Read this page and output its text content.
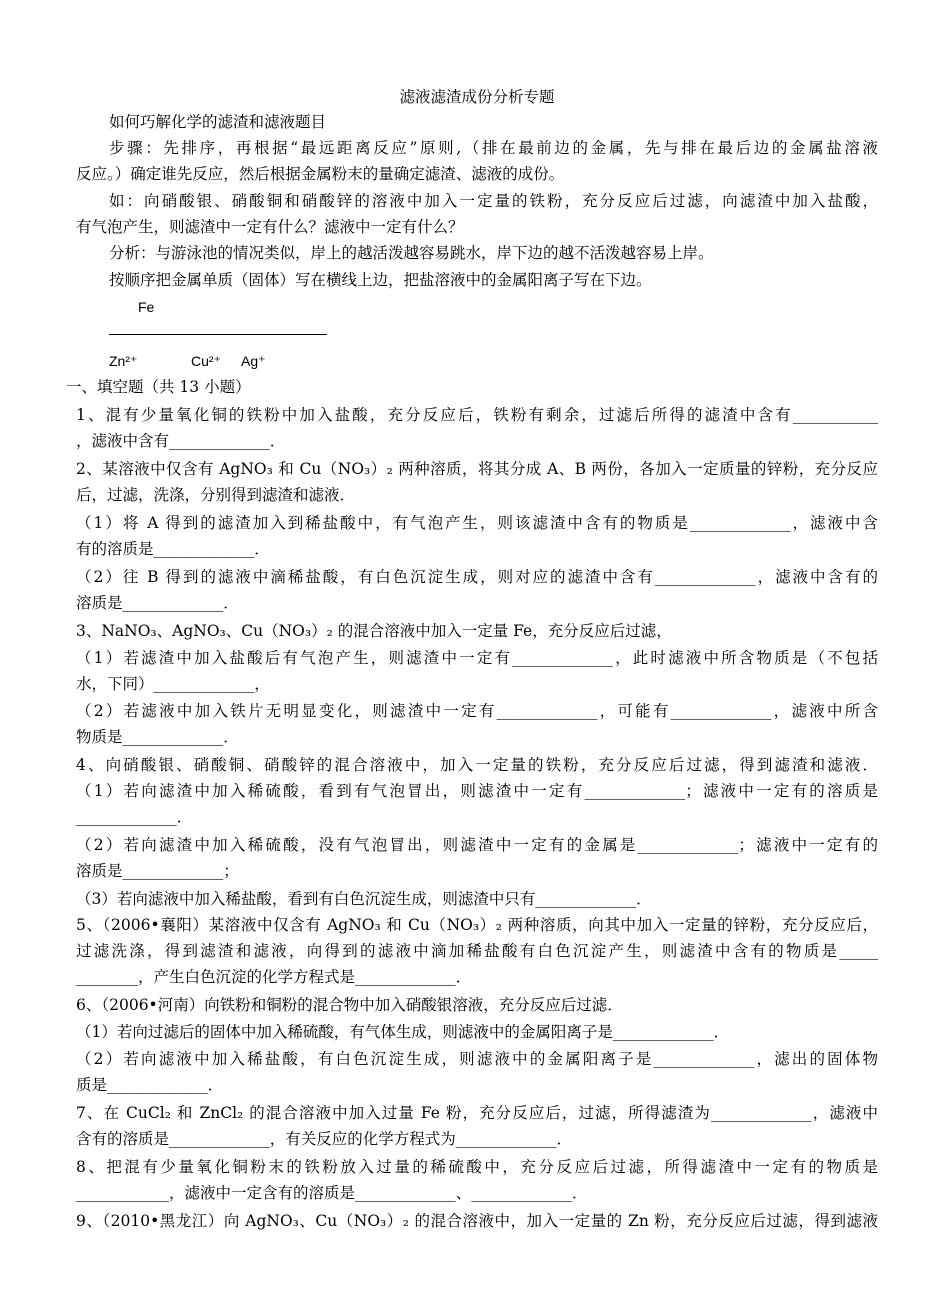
滤液滤渣成份分析专题
如何巧解化学的滤渣和滤液题目
步骤：先排序，再根据“最远距离反应”原则,（排在最前边的金属，先与排在最后边的金属盐溶液
反应。）确定谁先反应，然后根据金属粉末的量确定滤渣、滤液的成份。
如：向硝酸银、硝酸铜和硝酸锌的溶液中加入一定量的铁粉，充分反应后过滤，向滤渣中加入盐酸，
有气泡产生，则滤渣中一定有什么？滤液中一定有什么？
分析：与游泳池的情况类似，岸上的越活泼越容易跳水，岸下边的越不活泼越容易上岸。
按顺序把金属单质（固体）写在横线上边，把盐溶液中的金属阳离子写在下边。
Fe

Zn²⁺

	Cu²⁺

Ag⁺

一、填空题（共 13 小题）
1、混有少量氧化铜的铁粉中加入盐酸，充分反应后，铁粉有剩余，过滤后所得的滤渣中含有___________
，滤液中含有_____________．
2、某溶液中仅含有 AgNO₃ 和 Cu（NO₃）₂ 两种溶质，将其分成 A、B 两份，各加入一定质量的锌粉，充分反应
后，过滤，洗涤，分别得到滤渣和滤液．
（1）将 A 得到的滤渣加入到稀盐酸中，有气泡产生，则该滤渣中含有的物质是_____________，滤液中含
有的溶质是_____________．
（2）往 B 得到的滤液中滴稀盐酸，有白色沉淀生成，则对应的滤渣中含有_____________，滤液中含有的
溶质是_____________．
3、NaNO₃、AgNO₃、Cu（NO₃）₂ 的混合溶液中加入一定量 Fe，充分反应后过滤，
（1）若滤渣中加入盐酸后有气泡产生，则滤渣中一定有_____________，此时滤液中所含物质是（不包括
水，下同）_____________，
（2）若滤液中加入铁片无明显变化，则滤渣中一定有_____________，可能有_____________，滤液中所含
物质是_____________．
4、向硝酸银、硝酸铜、硝酸锌的混合溶液中，加入一定量的铁粉，充分反应后过滤，得到滤渣和滤液．
（1）若向滤渣中加入稀硫酸，看到有气泡冒出，则滤渣中一定有_____________；滤液中一定有的溶质是
_____________．
（2）若向滤渣中加入稀硫酸，没有气泡冒出，则滤渣中一定有的金属是_____________；滤液中一定有的
溶质是_____________；
（3）若向滤液中加入稀盐酸，看到有白色沉淀生成，则滤渣中只有_____________．
5、（2006•襄阳）某溶液中仅含有 AgNO₃ 和 Cu（NO₃）₂ 两种溶质，向其中加入一定量的锌粉，充分反应后，
过滤洗涤，得到滤渣和滤液，向得到的滤液中滴加稀盐酸有白色沉淀产生，则滤渣中含有的物质是_____
________，产生白色沉淀的化学方程式是_____________．
6、（2006•河南）向铁粉和铜粉的混合物中加入硝酸银溶液，充分反应后过滤．
（1）若向过滤后的固体中加入稀硫酸，有气体生成，则滤液中的金属阳离子是_____________．
（2）若向滤液中加入稀盐酸，有白色沉淀生成，则滤液中的金属阳离子是_____________，滤出的固体物
质是_____________．
7、在 CuCl₂ 和 ZnCl₂ 的混合溶液中加入过量 Fe 粉，充分反应后，过滤，所得滤渣为_____________，滤液中
含有的溶质是_____________，有关反应的化学方程式为_____________．
8、把混有少量氧化铜粉末的铁粉放入过量的稀硫酸中，充分反应后过滤，所得滤渣中一定有的物质是
____________，滤液中一定含有的溶质是_____________、_____________．
9、（2010•黑龙江）向 AgNO₃、Cu（NO₃）₂ 的混合溶液中，加入一定量的 Zn 粉，充分反应后过滤，得到滤液
